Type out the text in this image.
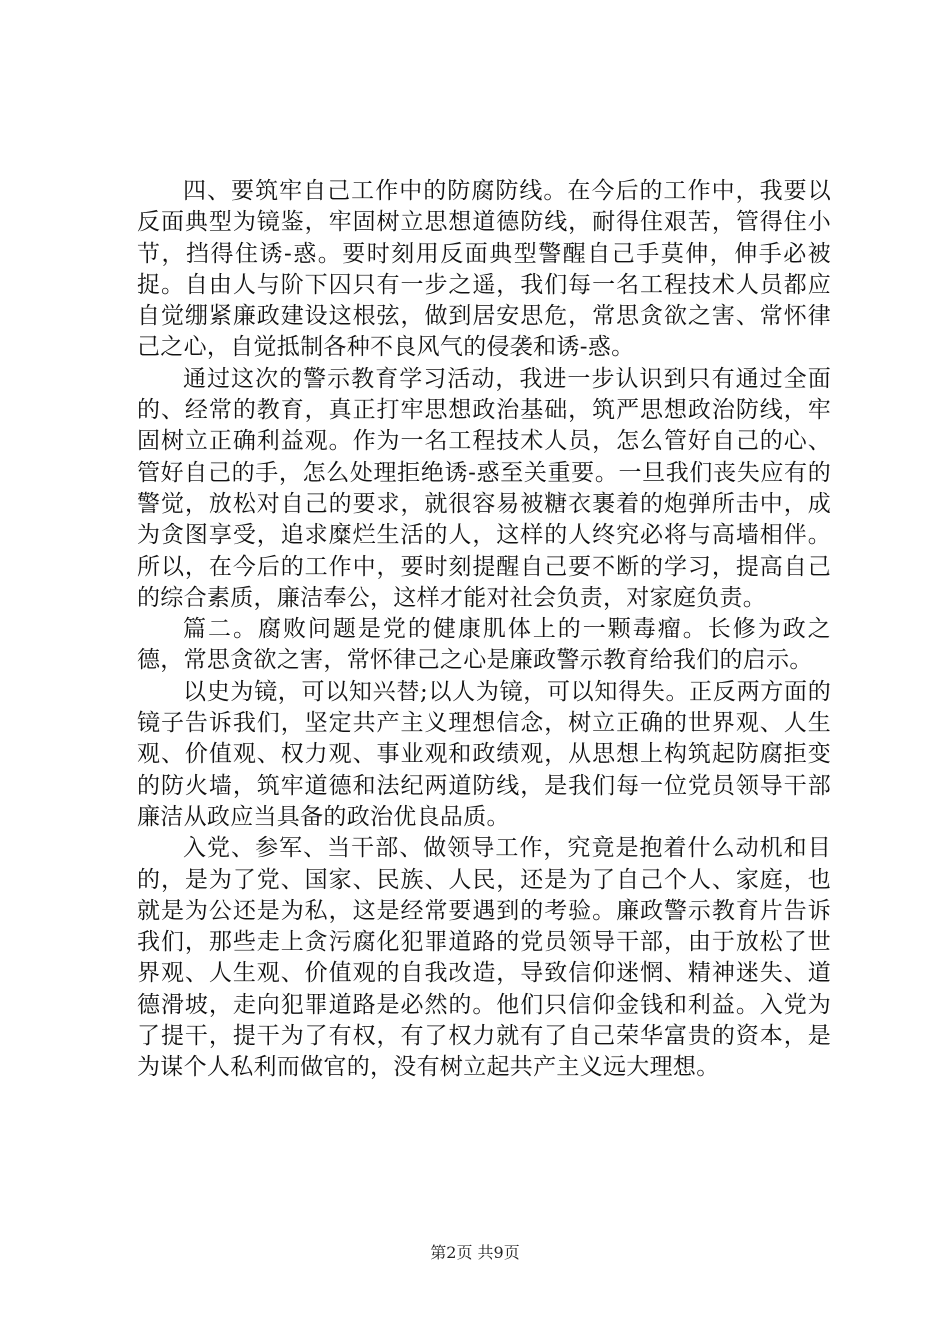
四、要筑牢自己工作中的防腐防线。在今后的工作中，我要以反面典型为镜鉴，牢固树立思想道德防线，耐得住艰苦，管得住小节，挡得住诱-惑。要时刻用反面典型警醒自己手莫伸，伸手必被捉。自由人与阶下囚只有一步之遥，我们每一名工程技术人员都应自觉绷紧廉政建设这根弦，做到居安思危，常思贪欲之害、常怀律己之心，自觉抵制各种不良风气的侵袭和诱-惑。

通过这次的警示教育学习活动，我进一步认识到只有通过全面的、经常的教育，真正打牢思想政治基础，筑严思想政治防线，牢固树立正确利益观。作为一名工程技术人员，怎么管好自己的心、管好自己的手，怎么处理拒绝诱-惑至关重要。一旦我们丧失应有的警觉，放松对自己的要求，就很容易被糖衣裹着的炮弹所击中，成为贪图享受，追求糜烂生活的人，这样的人终究必将与高墙相伴。所以，在今后的工作中，要时刻提醒自己要不断的学习，提高自己的综合素质，廉洁奉公，这样才能对社会负责，对家庭负责。

篇二。腐败问题是党的健康肌体上的一颗毒瘤。长修为政之德，常思贪欲之害，常怀律己之心是廉政警示教育给我们的启示。

以史为镜，可以知兴替;以人为镜，可以知得失。正反两方面的镜子告诉我们，坚定共产主义理想信念，树立正确的世界观、人生观、价值观、权力观、事业观和政绩观，从思想上构筑起防腐拒变的防火墙，筑牢道德和法纪两道防线，是我们每一位党员领导干部廉洁从政应当具备的政治优良品质。

入党、参军、当干部、做领导工作，究竟是抱着什么动机和目的，是为了党、国家、民族、人民，还是为了自己个人、家庭，也就是为公还是为私，这是经常要遇到的考验。廉政警示教育片告诉我们，那些走上贪污腐化犯罪道路的党员领导干部，由于放松了世界观、人生观、价值观的自我改造，导致信仰迷惘、精神迷失、道德滑坡，走向犯罪道路是必然的。他们只信仰金钱和利益。入党为了提干，提干为了有权，有了权力就有了自己荣华富贵的资本，是为谋个人私利而做官的，没有树立起共产主义远大理想。

第2页 共9页
